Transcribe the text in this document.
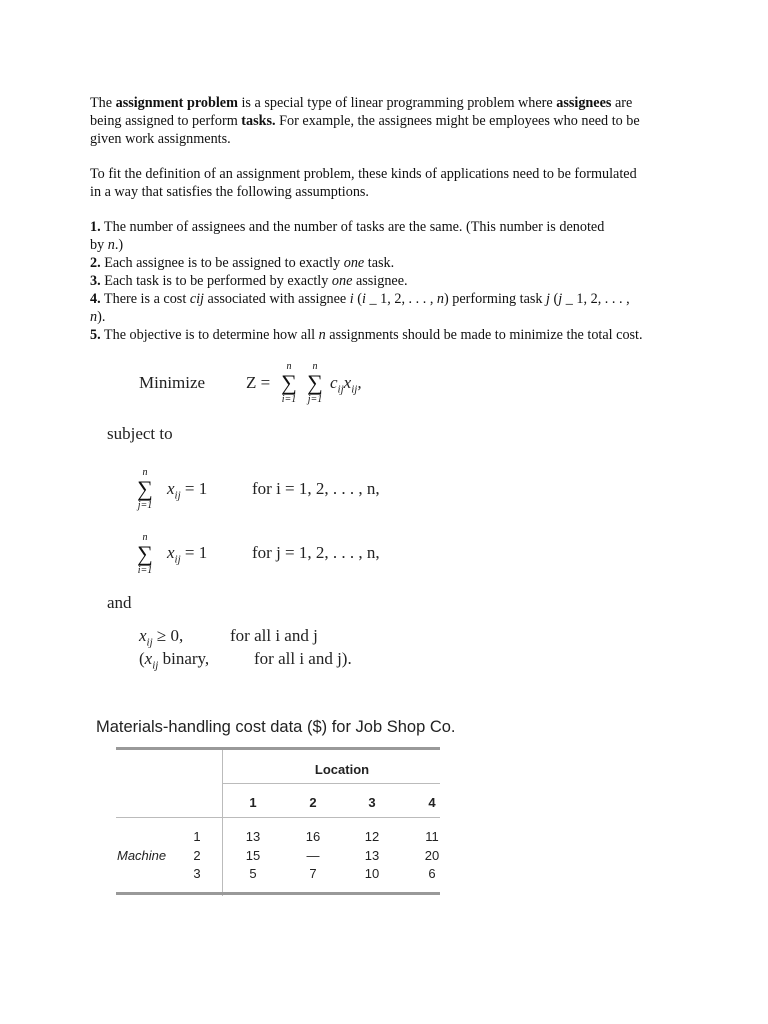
The assignment problem is a special type of linear programming problem where assignees are

being assigned to perform tasks. For example, the assignees might be employees who need to be

given work assignments.

To fit the definition of an assignment problem, these kinds of applications need to be formulated

in a way that satisfies the following assumptions.

1. The number of assignees and the number of tasks are the same. (This number is denoted

by n.)

2. Each assignee is to be assigned to exactly one task.

3. Each task is to be performed by exactly one assignee.

4. There is a cost cij associated with assignee i (i _ 1, 2, . . . , n) performing task j (j _ 1, 2, . . . ,

n).

5. The objective is to determine how all n assignments should be made to minimize the total cost.

Minimize Z =
n
∑
i=1
n
∑
j=1
$c_{ij}x_{ij}$,
subject to
n
∑
j=1
$x_{ij} = 1$	for i = 1, 2, . . . , n,
n
∑
i=1
$x_{ij} = 1$	for j = 1, 2, . . . , n,
and
$x_{ij} \ge 0$,	for all i and j
($x_{ij}$ binary,	for all i and j).
Materials-handling cost data ($) for Job Shop Co.
Location
1	2	3	4
Machine
1	13	16	12	11
2	15	—	13	20
3	5	7	10	6
